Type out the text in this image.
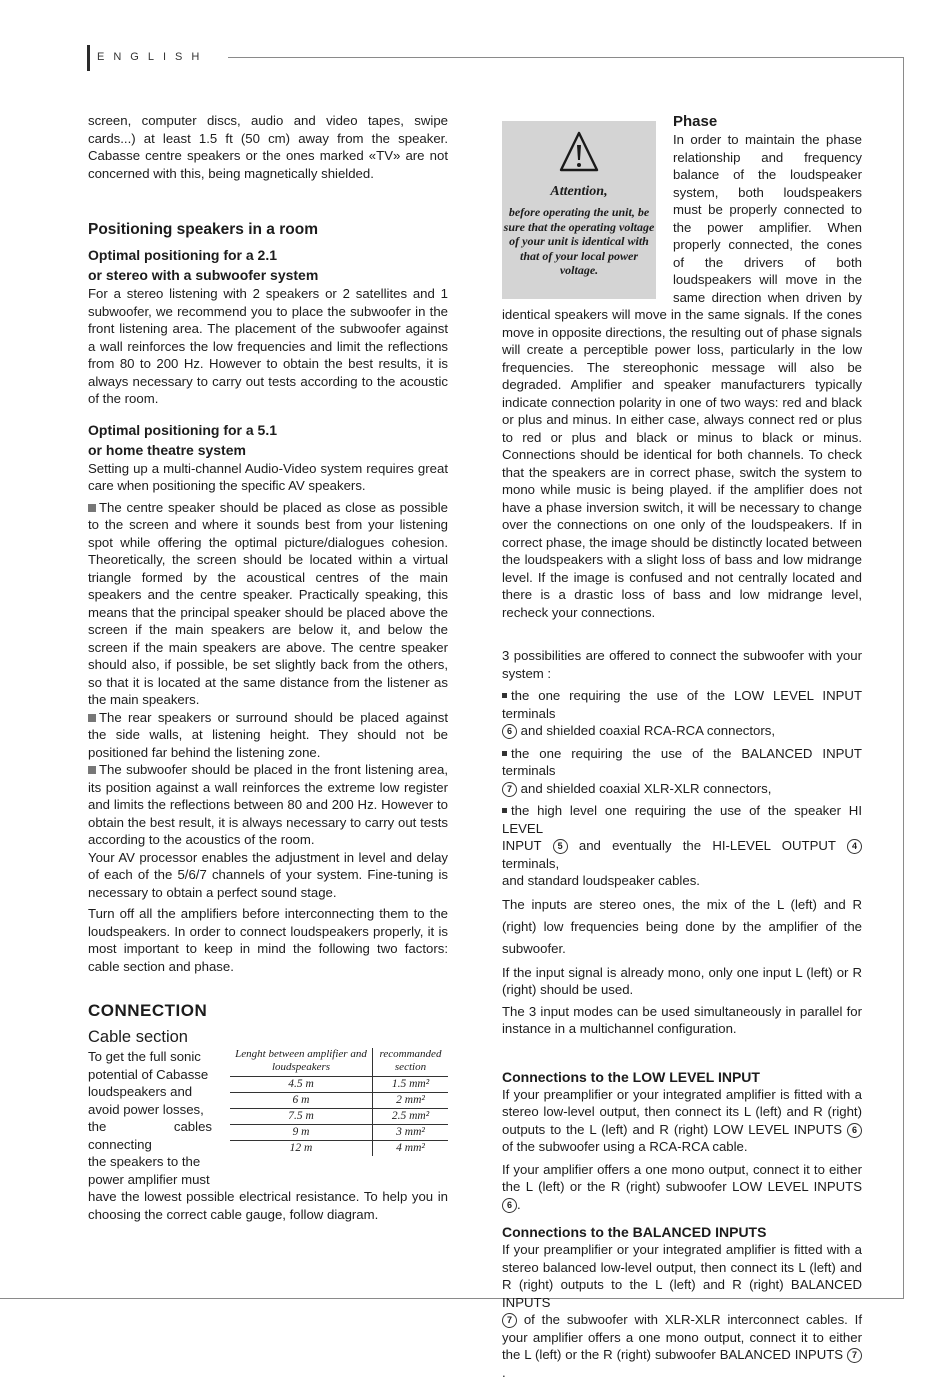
ENGLISH

screen, computer discs, audio and video tapes, swipe cards...) at least 1.5 ft (50 cm) away from the speaker. Cabasse centre speakers or the ones marked «TV» are not concerned with this, being magnetically shielded.

Positioning speakers in a room
Optimal positioning for a 2.1
or stereo with a subwoofer system

For a stereo listening with 2 speakers or 2 satellites and 1 subwoofer, we recommend you to place the subwoofer in the front listening area. The placement of the subwoofer against a wall reinforces the low frequencies and limit the reflections from 80 to 200 Hz. However to obtain the best results, it is always necessary to carry out tests according to the acoustic of the room.

Optimal positioning for a 5.1
or home theatre system

Setting up a multi-channel Audio-Video system requires great care when positioning the specific AV speakers.

The centre speaker should be placed as close as possible to the screen and where it sounds best from your listening spot while offering the optimal picture/dialogues cohesion. Theoretically, the screen should be located within a virtual triangle formed by the acoustical centres of the main speakers and the centre speaker. Practically speaking, this means that the principal speaker should be placed above the screen if the main speakers are below it, and below the screen if the main speakers are above. The centre speaker should also, if possible, be set slightly back from the others, so that it is located at the same distance from the listener as the main speakers.

The rear speakers or surround should be placed against the side walls, at listening height. They should not be positioned far behind the listening zone.

The subwoofer should be placed in the front listening area, its position against a wall reinforces the extreme low register and limits the reflections between 80 and 200 Hz. However to obtain the best result, it is always necessary to carry out tests according to the acoustics of the room.

Your AV processor enables the adjustment in level and delay of each of the 5/6/7 channels of your system. Fine-tuning is necessary to obtain a perfect sound stage.

Turn off all the amplifiers before interconnecting them to the loudspeakers. In order to connect loudspeakers properly, it is most important to keep in mind the following two factors: cable section and phase.

CONNECTION
Cable section
To get the full sonic
potential of Cabasse
loudspeakers and
avoid power losses,
the cables connecting
the speakers to the
power amplifier must
Lenght between amplifier and loudspeakers	recommanded section
4.5 m	1.5 mm²
6 m	2 mm²
7.5 m	2.5 mm²
9 m	3 mm²
12 m	4 mm²

have the lowest possible electrical resistance. To help you in choosing the correct cable gauge, follow diagram.

Attention,
before operating the unit, be sure that the operating voltage of your unit is identical with that of your local power voltage.
Phase

In order to maintain the phase relationship and frequency balance of the loudspeaker system, both loudspeakers must be properly connected to the power amplifier. When properly connected, the cones of the drivers of both loudspeakers will move in the same direction when driven by identical speakers will move in the same signals. If the cones move in opposite directions, the resulting out of phase signals will create a perceptible power loss, particularly in the low frequencies. The stereophonic message will also be degraded. Amplifier and speaker manufacturers typically indicate connection polarity in one of two ways: red and black or plus and minus. In either case, always connect red or plus to red or plus and black or minus to black or minus. Connections should be identical for both channels. To check that the speakers are in correct phase, switch the system to mono while music is being played. if the amplifier does not have a phase inversion switch, it will be necessary to change over the connections on one only of the loudspeakers. If in correct phase, the image should be distinctly located between the loudspeakers with a slight loss of bass and low midrange level. If the image is confused and not centrally located and there is a drastic loss of bass and low midrange level, recheck your connections.

3 possibilities are offered to connect the subwoofer with your system :

the one requiring the use of the LOW LEVEL INPUT terminals
6 and shielded coaxial RCA-RCA connectors,

the one requiring the use of the BALANCED INPUT terminals
7 and shielded coaxial XLR-XLR connectors,

the high level one requiring the use of the speaker HI LEVEL
INPUT 5 and eventually the HI-LEVEL OUTPUT 4 terminals,
and standard loudspeaker cables.

The inputs are stereo ones, the mix of the L (left) and R (right) low frequencies being done by the amplifier of the subwoofer.

If the input signal is already mono, only one input L (left) or R (right) should be used.

The 3 input modes can be used simultaneously in parallel for instance in a multichannel configuration.

Connections to the LOW LEVEL INPUT

If your preamplifier or your integrated amplifier is fitted with a stereo low-level output, then connect its L (left) and R (right) outputs to the L (left) and R (right) LOW LEVEL INPUTS 6 of the subwoofer using a RCA-RCA cable.

If your amplifier offers a one mono output, connect it to either the L (left) or the R (right) subwoofer LOW LEVEL INPUTS 6 .

Connections to the BALANCED INPUTS

If your preamplifier or your integrated amplifier is fitted with a stereo balanced low-level output, then connect its L (left) and R (right) outputs to the L (left) and R (right) BALANCED INPUTS
7 of the subwoofer with XLR-XLR interconnect cables. If your amplifier offers a one mono output, connect it to either the L (left) or the R (right) subwoofer BALANCED INPUTS 7.
